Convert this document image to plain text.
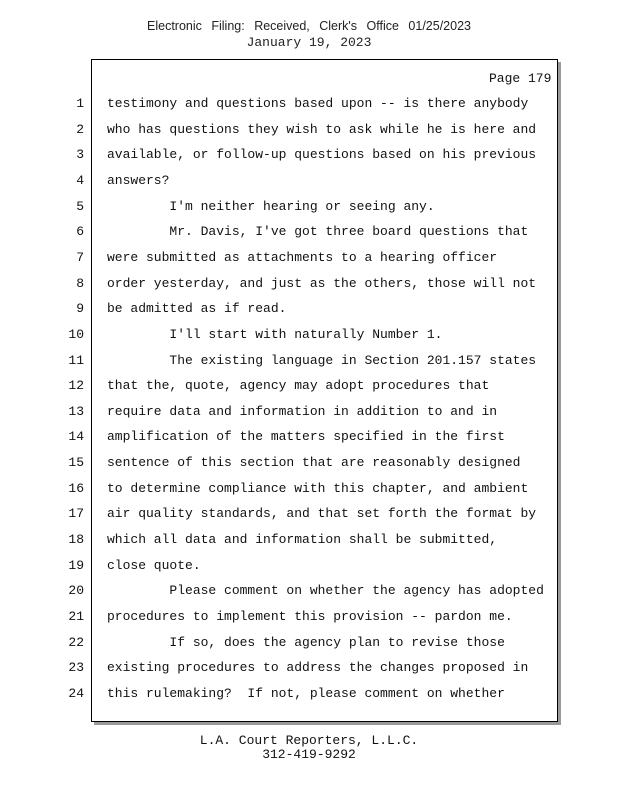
Electronic Filing: Received, Clerk's Office 01/25/2023
January 19, 2023
Page 179
1 testimony and questions based upon -- is there anybody
2 who has questions they wish to ask while he is here and
3 available, or follow-up questions based on his previous
4 answers?
5 I'm neither hearing or seeing any.
6 Mr. Davis, I've got three board questions that
7 were submitted as attachments to a hearing officer
8 order yesterday, and just as the others, those will not
9 be admitted as if read.
10 I'll start with naturally Number 1.
11 The existing language in Section 201.157 states
12 that the, quote, agency may adopt procedures that
13 require data and information in addition to and in
14 amplification of the matters specified in the first
15 sentence of this section that are reasonably designed
16 to determine compliance with this chapter, and ambient
17 air quality standards, and that set forth the format by
18 which all data and information shall be submitted,
19 close quote.
20 Please comment on whether the agency has adopted
21 procedures to implement this provision -- pardon me.
22 If so, does the agency plan to revise those
23 existing procedures to address the changes proposed in
24 this rulemaking?  If not, please comment on whether
L.A. Court Reporters, L.L.C.
312-419-9292
